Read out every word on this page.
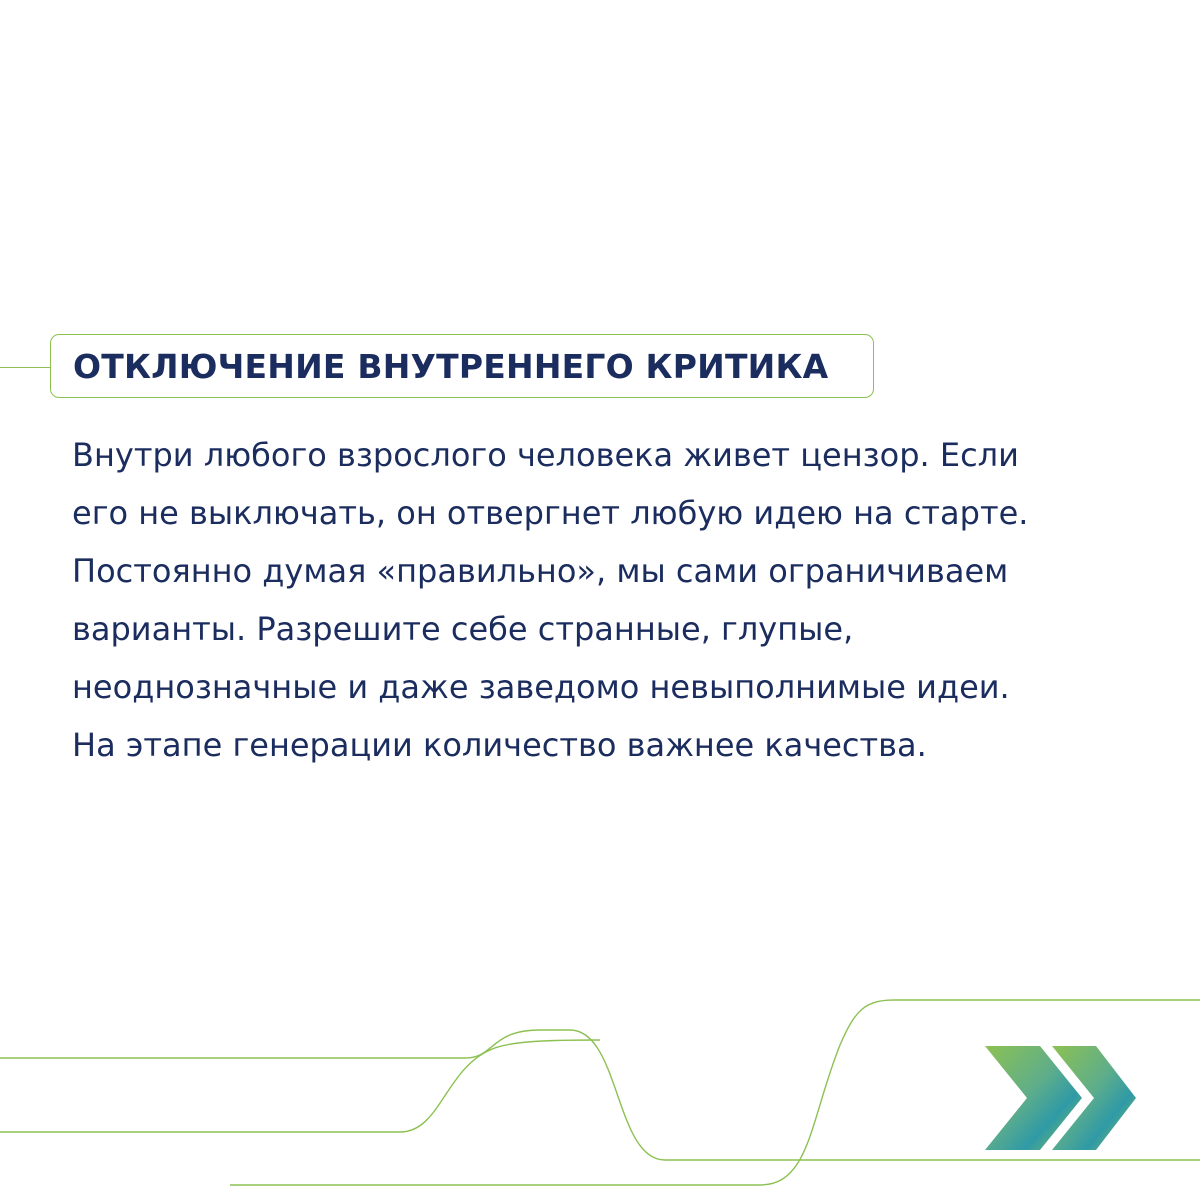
ОТКЛЮЧЕНИЕ ВНУТРЕННЕГО КРИТИКА

Внутри любого взрослого человека живет цензор. Если
его не выключать, он отвергнет любую идею на старте.
Постоянно думая «правильно», мы сами ограничиваем
варианты. Разрешите себе странные, глупые,
неоднозначные и даже заведомо невыполнимые идеи.
На этапе генерации количество важнее качества.
